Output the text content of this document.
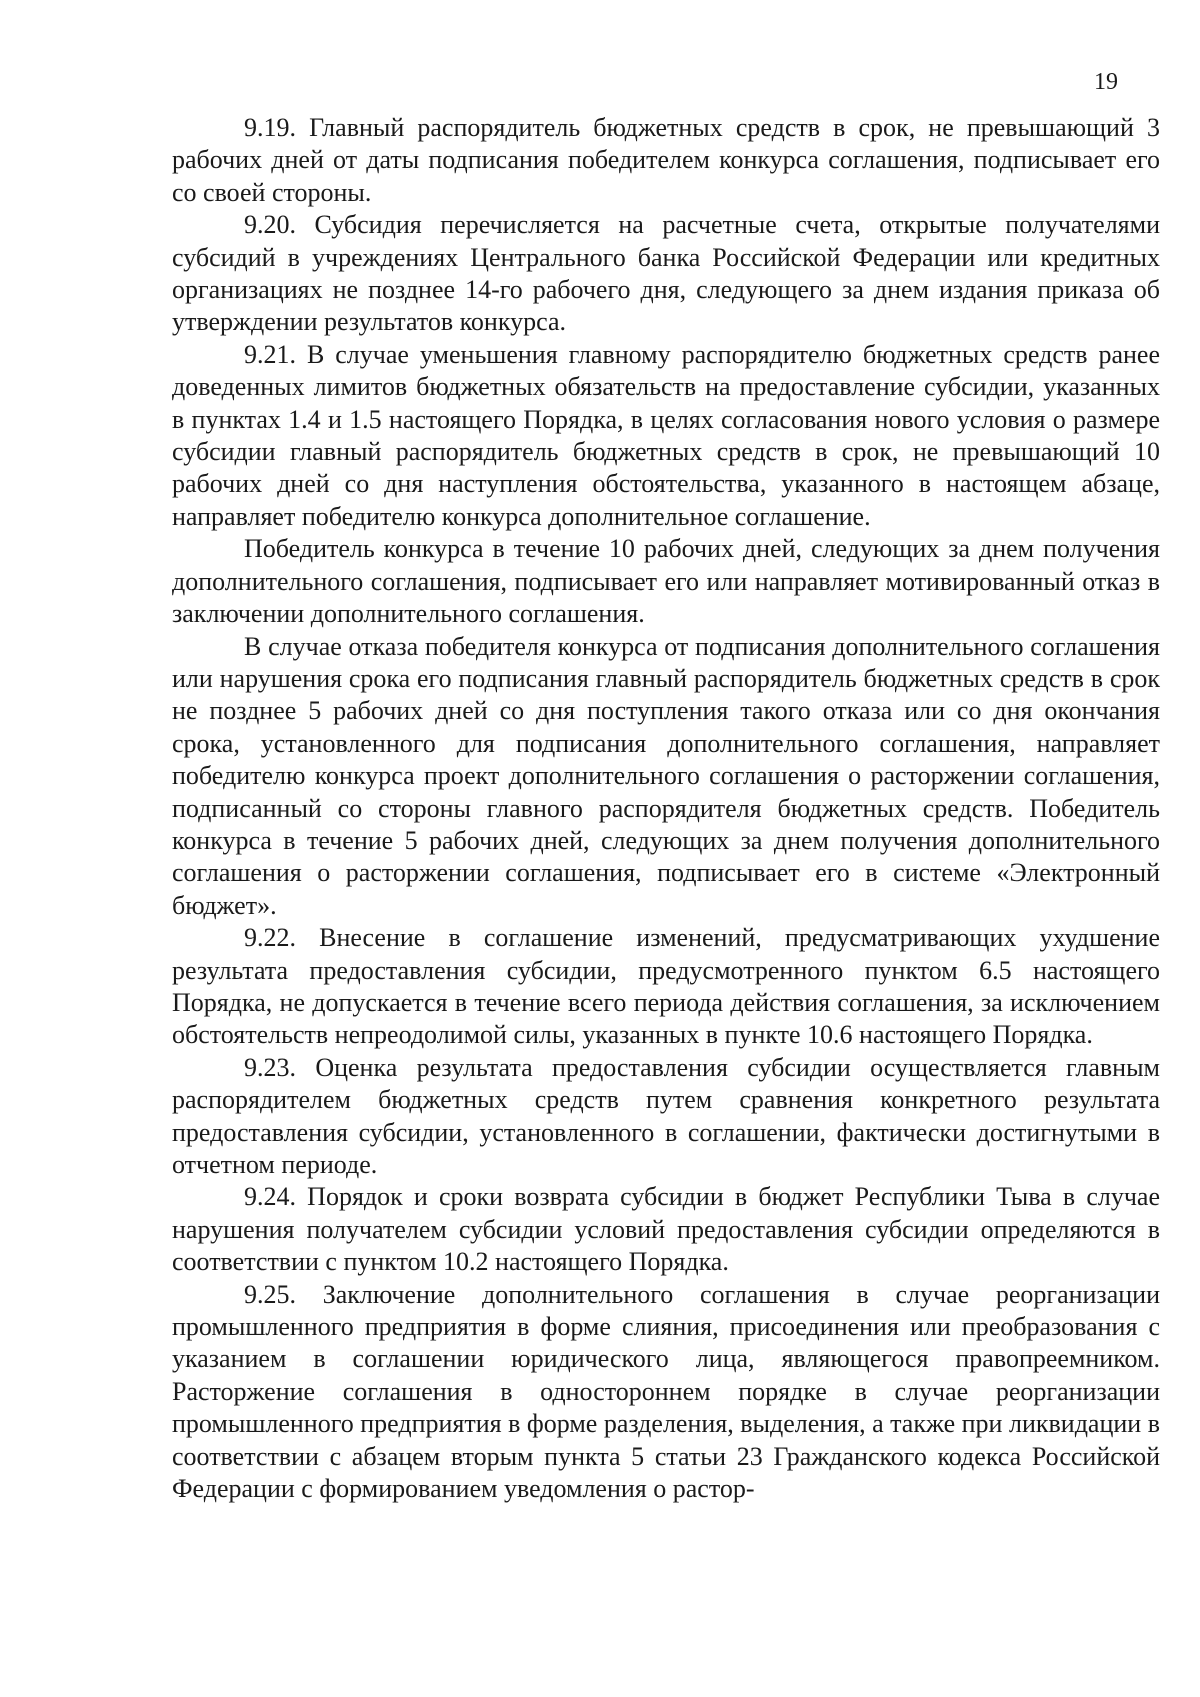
19

9.19. Главный распорядитель бюджетных средств в срок, не превышающий 3 рабочих дней от даты подписания победителем конкурса соглашения, подписывает его со своей стороны.

9.20. Субсидия перечисляется на расчетные счета, открытые получателями субсидий в учреждениях Центрального банка Российской Федерации или кредитных организациях не позднее 14-го рабочего дня, следующего за днем издания приказа об утверждении результатов конкурса.

9.21. В случае уменьшения главному распорядителю бюджетных средств ранее доведенных лимитов бюджетных обязательств на предоставление субсидии, указанных в пунктах 1.4 и 1.5 настоящего Порядка, в целях согласования нового условия о размере субсидии главный распорядитель бюджетных средств в срок, не превышающий 10 рабочих дней со дня наступления обстоятельства, указанного в настоящем абзаце, направляет победителю конкурса дополнительное соглашение.

Победитель конкурса в течение 10 рабочих дней, следующих за днем получения дополнительного соглашения, подписывает его или направляет мотивированный отказ в заключении дополнительного соглашения.

В случае отказа победителя конкурса от подписания дополнительного соглашения или нарушения срока его подписания главный распорядитель бюджетных средств в срок не позднее 5 рабочих дней со дня поступления такого отказа или со дня окончания срока, установленного для подписания дополнительного соглашения, направляет победителю конкурса проект дополнительного соглашения о расторжении соглашения, подписанный со стороны главного распорядителя бюджетных средств. Победитель конкурса в течение 5 рабочих дней, следующих за днем получения дополнительного соглашения о расторжении соглашения, подписывает его в системе «Электронный бюджет».

9.22. Внесение в соглашение изменений, предусматривающих ухудшение результата предоставления субсидии, предусмотренного пунктом 6.5 настоящего Порядка, не допускается в течение всего периода действия соглашения, за исключением обстоятельств непреодолимой силы, указанных в пункте 10.6 настоящего Порядка.

9.23. Оценка результата предоставления субсидии осуществляется главным распорядителем бюджетных средств путем сравнения конкретного результата предоставления субсидии, установленного в соглашении, фактически достигнутыми в отчетном периоде.

9.24. Порядок и сроки возврата субсидии в бюджет Республики Тыва в случае нарушения получателем субсидии условий предоставления субсидии определяются в соответствии с пунктом 10.2 настоящего Порядка.

9.25. Заключение дополнительного соглашения в случае реорганизации промышленного предприятия в форме слияния, присоединения или преобразования с указанием в соглашении юридического лица, являющегося правопреемником. Расторжение соглашения в одностороннем порядке в случае реорганизации промышленного предприятия в форме разделения, выделения, а также при ликвидации в соответствии с абзацем вторым пункта 5 статьи 23 Гражданского кодекса Российской Федерации с формированием уведомления о растор-
